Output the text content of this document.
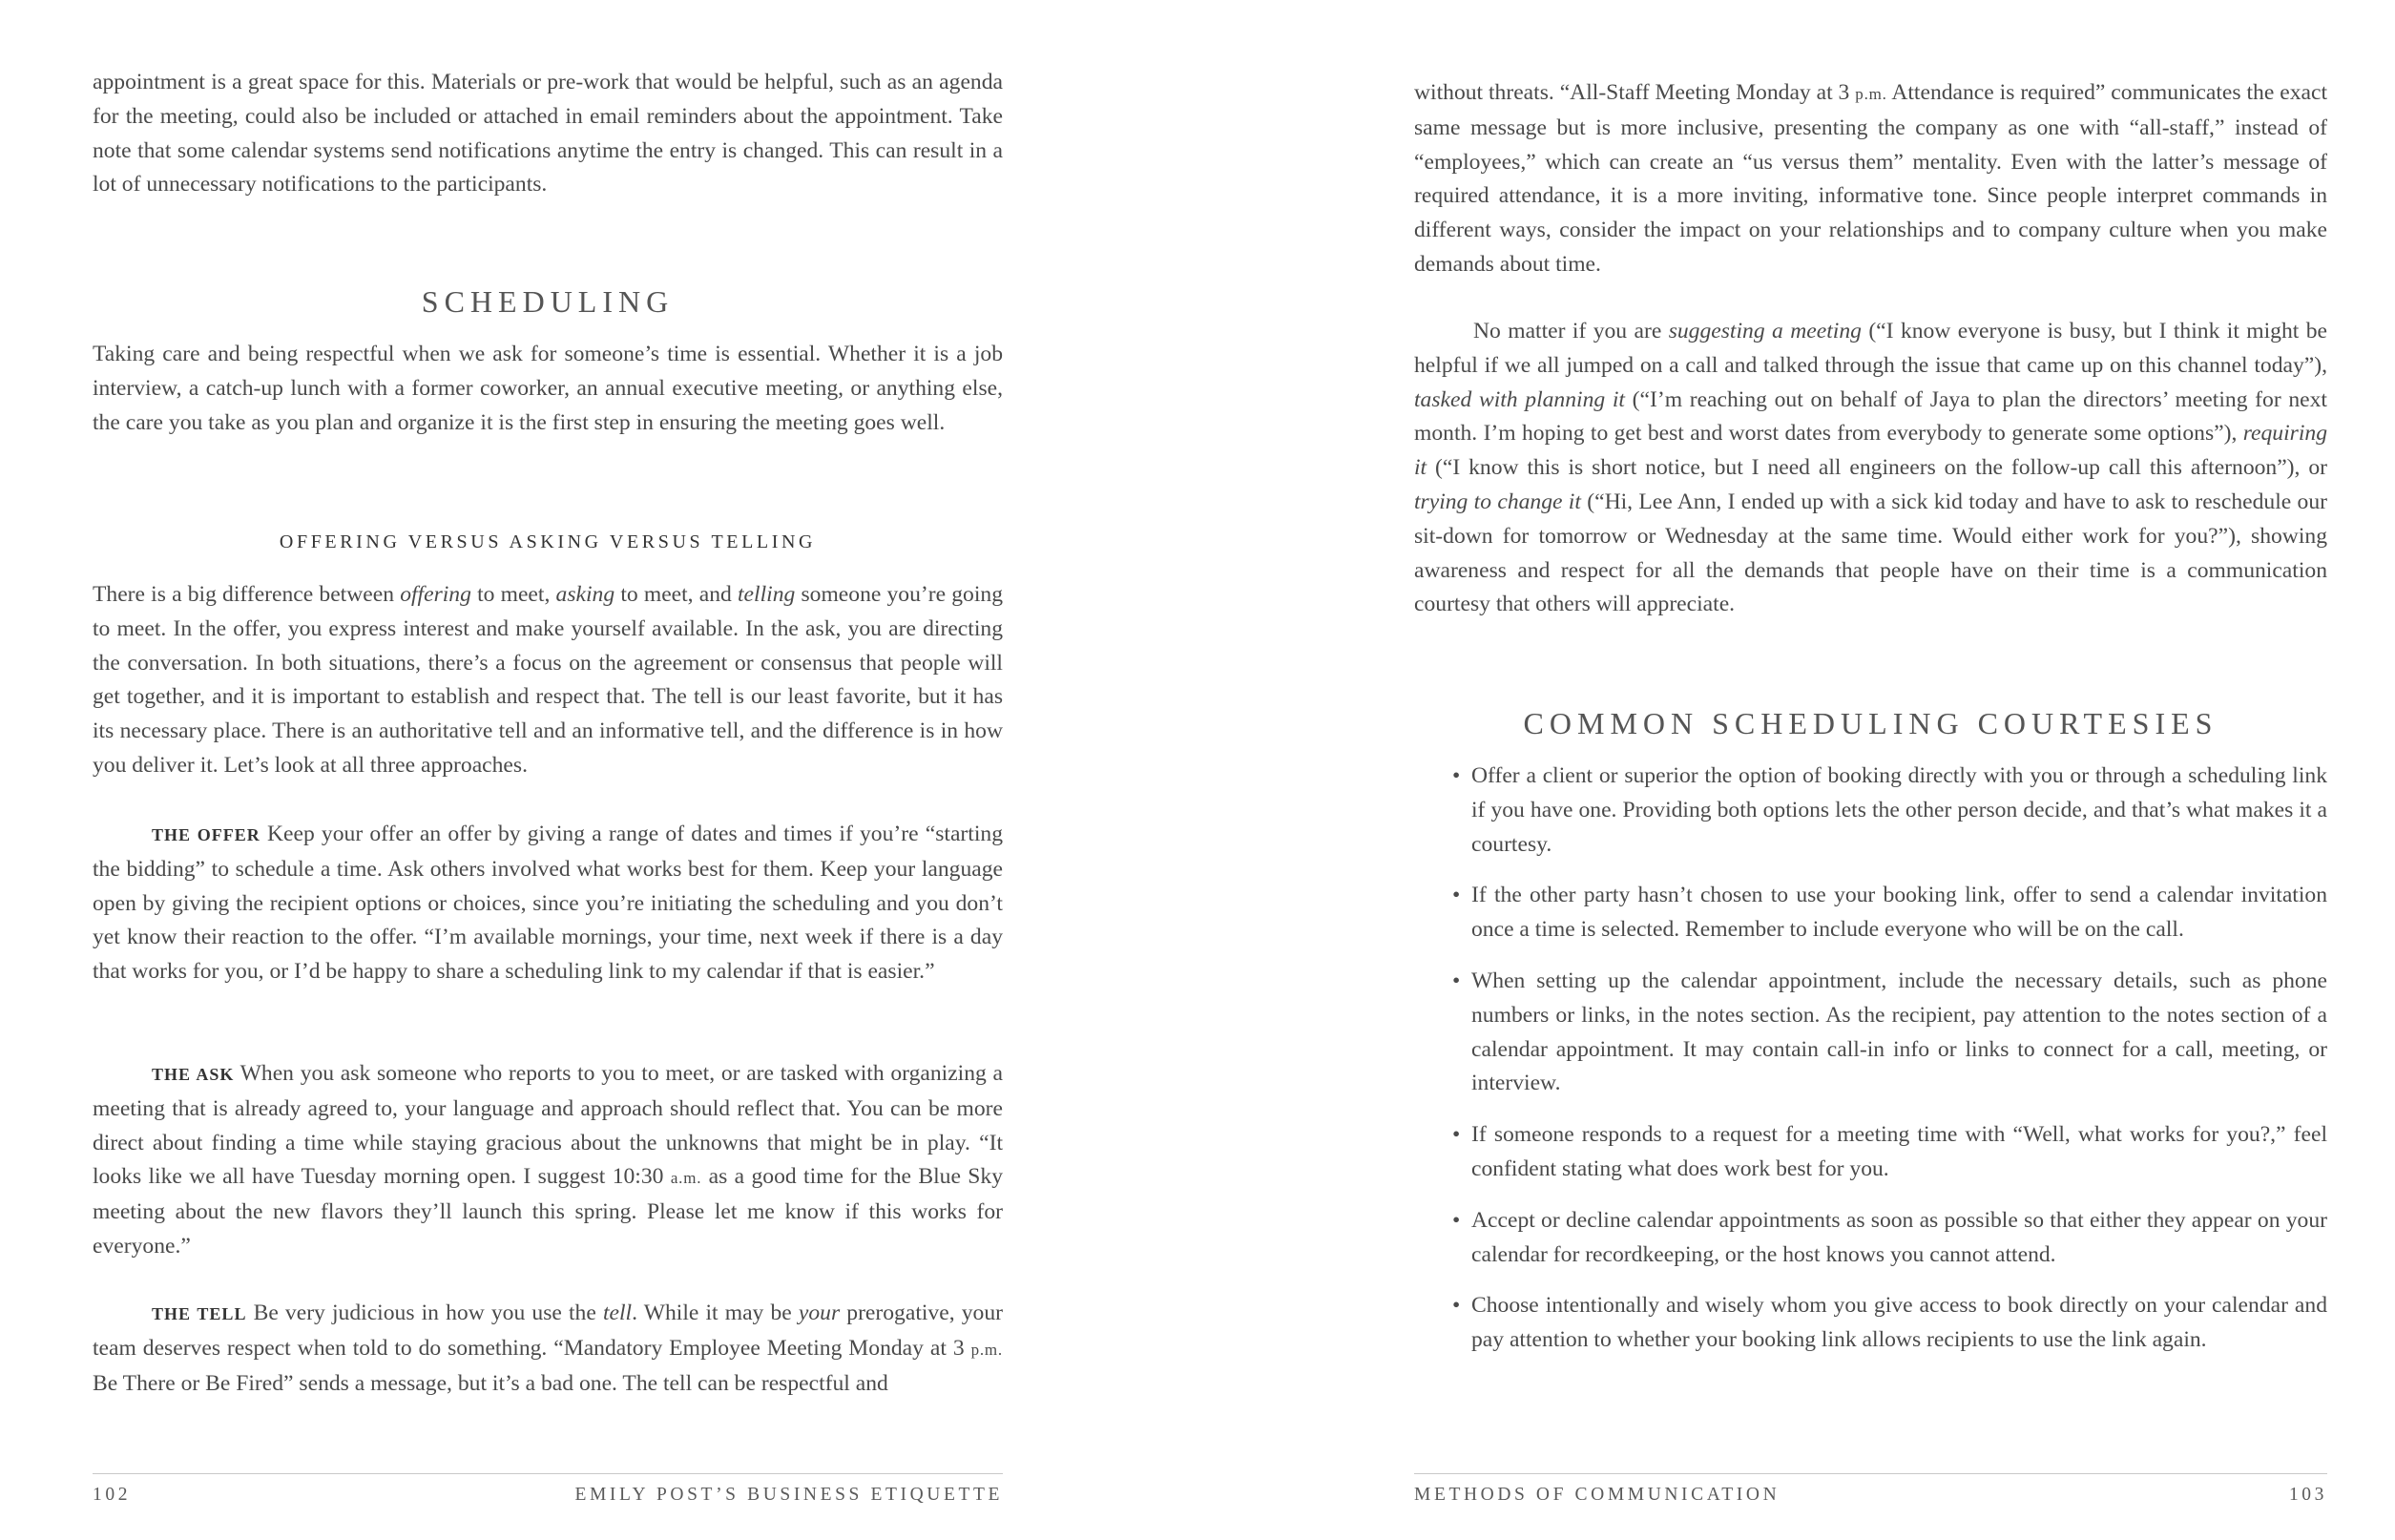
appointment is a great space for this. Materials or pre-work that would be helpful, such as an agenda for the meeting, could also be included or attached in email reminders about the appointment. Take note that some calendar systems send notifications anytime the entry is changed. This can result in a lot of unnecessary notifications to the participants.

SCHEDULING

Taking care and being respectful when we ask for someone’s time is essential. Whether it is a job interview, a catch-up lunch with a former coworker, an annual executive meeting, or anything else, the care you take as you plan and organize it is the first step in ensuring the meeting goes well.

OFFERING VERSUS ASKING VERSUS TELLING

There is a big difference between offering to meet, asking to meet, and telling someone you’re going to meet. In the offer, you express interest and make yourself available. In the ask, you are directing the conversation. In both situations, there’s a focus on the agreement or consensus that people will get together, and it is important to establish and respect that. The tell is our least favorite, but it has its necessary place. There is an authoritative tell and an informative tell, and the difference is in how you deliver it. Let’s look at all three approaches.

THE OFFER Keep your offer an offer by giving a range of dates and times if you’re “starting the bidding” to schedule a time. Ask others involved what works best for them. Keep your language open by giving the recipient options or choices, since you’re initiating the scheduling and you don’t yet know their reaction to the offer. “I’m available mornings, your time, next week if there is a day that works for you, or I’d be happy to share a scheduling link to my calendar if that is easier.”

THE ASK When you ask someone who reports to you to meet, or are tasked with organizing a meeting that is already agreed to, your language and approach should reflect that. You can be more direct about finding a time while staying gracious about the unknowns that might be in play. “It looks like we all have Tuesday morning open. I suggest 10:30 a.m. as a good time for the Blue Sky meeting about the new flavors they’ll launch this spring. Please let me know if this works for everyone.”

THE TELL Be very judicious in how you use the tell. While it may be your prerogative, your team deserves respect when told to do something. “Mandatory Employee Meeting Monday at 3 p.m. Be There or Be Fired” sends a message, but it’s a bad one. The tell can be respectful and

102	EMILY POST’S BUSINESS ETIQUETTE

without threats. “All-Staff Meeting Monday at 3 p.m. Attendance is required” communicates the exact same message but is more inclusive, presenting the company as one with “all-staff,” instead of “employees,” which can create an “us versus them” mentality. Even with the latter’s message of required attendance, it is a more inviting, informative tone. Since people interpret commands in different ways, consider the impact on your relationships and to company culture when you make demands about time.

No matter if you are suggesting a meeting (“I know everyone is busy, but I think it might be helpful if we all jumped on a call and talked through the issue that came up on this channel today”), tasked with planning it (“I’m reaching out on behalf of Jaya to plan the directors’ meeting for next month. I’m hoping to get best and worst dates from everybody to generate some options”), requiring it (“I know this is short notice, but I need all engineers on the follow-up call this afternoon”), or trying to change it (“Hi, Lee Ann, I ended up with a sick kid today and have to ask to reschedule our sit-down for tomorrow or Wednesday at the same time. Would either work for you?”), showing awareness and respect for all the demands that people have on their time is a communication courtesy that others will appreciate.

COMMON SCHEDULING COURTESIES
• Offer a client or superior the option of booking directly with you or through a scheduling link if you have one. Providing both options lets the other person decide, and that’s what makes it a courtesy.
• If the other party hasn’t chosen to use your booking link, offer to send a calendar invitation once a time is selected. Remember to include everyone who will be on the call.
• When setting up the calendar appointment, include the necessary details, such as phone numbers or links, in the notes section. As the recipient, pay attention to the notes section of a calendar appointment. It may contain call-in info or links to connect for a call, meeting, or interview.
• If someone responds to a request for a meeting time with “Well, what works for you?,” feel confident stating what does work best for you.
• Accept or decline calendar appointments as soon as possible so that either they appear on your calendar for recordkeeping, or the host knows you cannot attend.
• Choose intentionally and wisely whom you give access to book directly on your calendar and pay attention to whether your booking link allows recipients to use the link again.
METHODS OF COMMUNICATION	103
